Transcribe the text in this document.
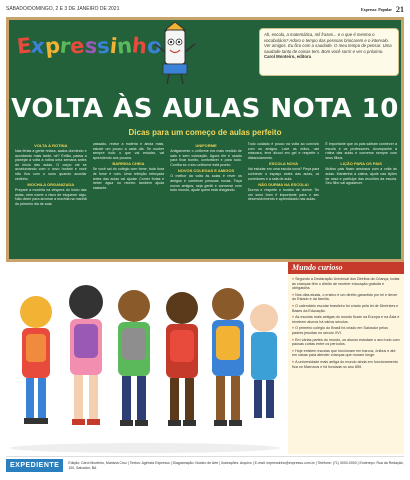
SÁBADO/DOMINGO, 2 E 3 DE JANEIRO DE 2021	Expresso Popular 21
Expressinho	Ah, escola, a matemática, mil frases... e o que é mesmo o vocabulário? Adoro o tempo das pessoas brincarem e o intervalo. Ver amigos. Eu fico com a saudade. O meu tempo de pensar. Uma saudade tanto de coisas tem. Bom você sorrir e ver o próximo. Carol Monteiro, editora
VOLTA ÀS AULAS NOTA 10
Dicas para um começo de aulas perfeito
VOLTA À ROTINA

Nas férias a gente relaxa, acaba dormindo e acordando mais tarde, né? Então, passa a planejar a volta à rotina uma semana antes do início das aulas. O corpo vai se acostumando com o novo horário e você não fica com o sono quando acordar cedinho.

MOCHILA ORGANIZADA

Prepare a mochila na véspera do início das aulas, nem correr o risco de esquecer algo. Não deixe para arrumar a mochila na manhã do primeiro dia de aula.

passado, revise a matéria e ainda mais, estude um pouco a cada dia. Se souber sempre tudo o que vai estudar, vai aprendendo aos poucos.

BARRIGA CHEIA

Se você sai do colégio com fome, toda hora de fome é ruim. Uma refeição reforçada antes das aulas vai ajudar. Comer frutas e beber água no recreio também ajuda bastante.

UNIFORME

Antigamente o uniforme era mais vestido de saia e sem coloração. Agora ele é usado para ficar bonito, confortável e para tudo. Confira se o seu uniforme está pronto.

NOVOS COLEGAS E AMIGOS

O melhor da volta às aulas é rever os amigos e conhecer pessoas novas. Faça novos amigos, seja gentil e converse com todo mundo, ajude quem está chegando.

Todo cuidado é pouco na volta ao convívio com os amigos. Lave as mãos, use máscara, leve álcool em gel e respeite o distanciamento.

ESCOLA NOVA

Vai estudar em uma escola nova? Peça para conhecer o espaço antes das aulas, os corredores e a sala de aula.

NÃO DURMA NA ESCOLA!

Durma e respeite o horário de dormir. Ter um sono bom é importante para o seu desenvolvimento e aprendizado nas aulas.

É importante que os pais saibam conhecer a escola e os professores. Acompanhe a rotina das aulas e converse sempre com seus filhos.

LIÇÃO PARA OS PAIS

Muitos pais ficam ansiosos com a volta às aulas. Mantenha a calma, ajude nas lições de casa e participe das reuniões da escola. Seu filho vai agradecer.

Mundo curioso
»Segundo a Declaração Universal dos Direitos da Criança, todas as crianças têm o direito de receber educação gratuita e obrigatória.
»Nos dias atuais, o ensino é um direito garantido por lei e dever do Estado e da família.
»O calendário escolar brasileiro foi criado pela lei de Diretrizes e Bases da Educação.
»As escolas mais antigas do mundo ficam na Europa e na Ásia e recebem alunos há vários séculos.
»O primeiro colégio do Brasil foi criado em Salvador pelos padres jesuítas no século XVI.
»Em várias partes do mundo, os alunos estudam o ano todo com pausas curtas entre os períodos.
»Hoje existem escolas que funcionam em barcos, ônibus e até em casas para atender crianças que moram longe.
»A universidade mais antiga do mundo ainda em funcionamento fica no Marrocos e foi fundada no ano 859.
EXPEDIENTE	Edição: Carol Monteiro, Mariana Cruz | Textos: Agência Expresso | Diagramação: Núcleo de Arte | Ilustrações: Arquivo | E-mail: expressinho@expresso.com.br | Telefone: (71) 3000-0000 | Endereço: Rua da Redação, 100, Salvador, BA
